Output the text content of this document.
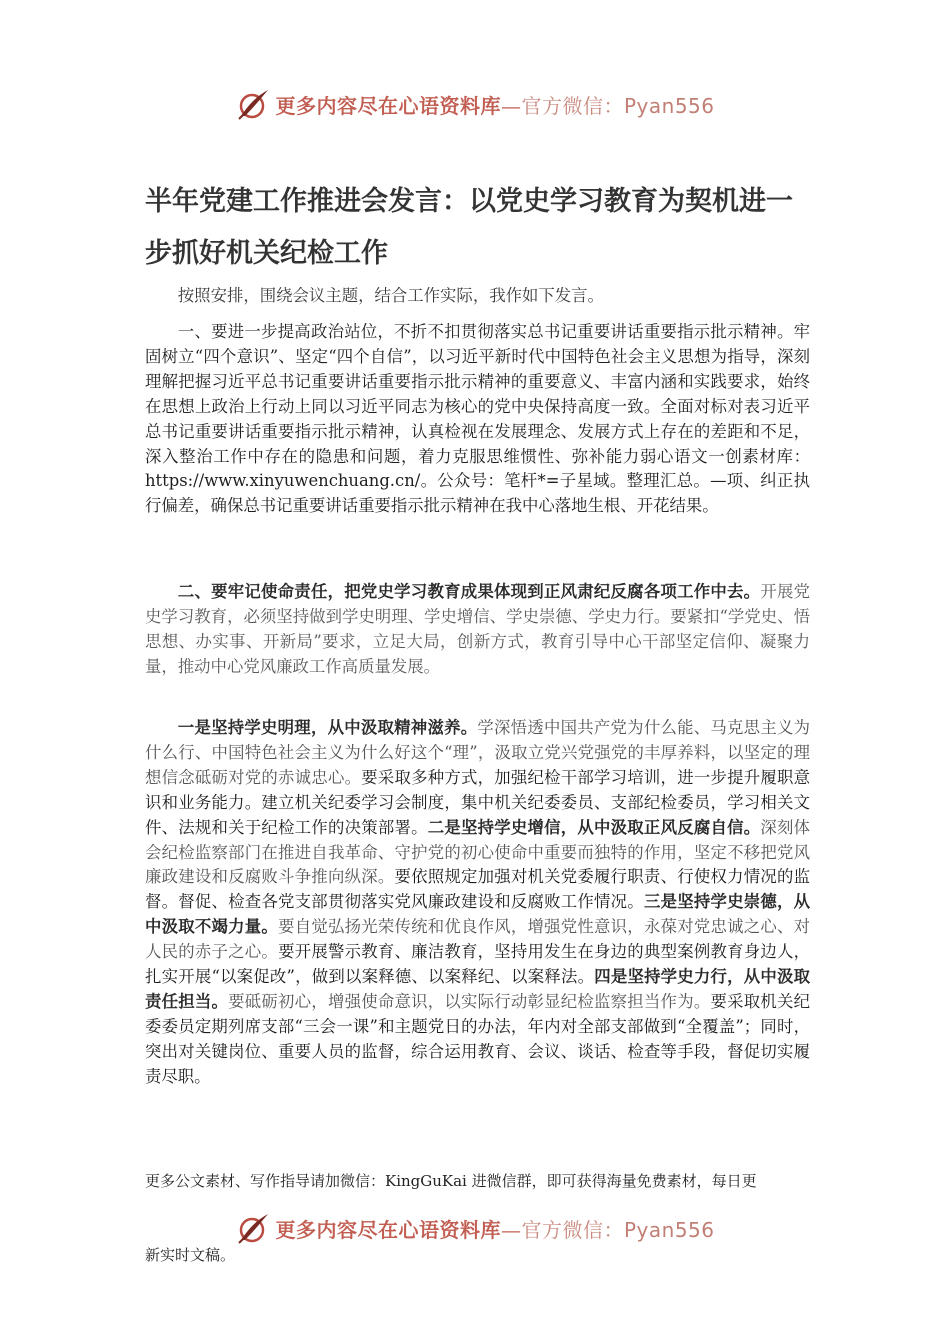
更多内容尽在心语资料库—官方微信：Pyan556
半年党建工作推进会发言：以党史学习教育为契机进一步抓好机关纪检工作

按照安排，围绕会议主题，结合工作实际，我作如下发言。

一、要进一步提高政治站位，不折不扣贯彻落实总书记重要讲话重要指示批示精神。牢固树立“四个意识”、坚定“四个自信”，以习近平新时代中国特色社会主义思想为指导，深刻理解把握习近平总书记重要讲话重要指示批示精神的重要意义、丰富内涵和实践要求，始终在思想上政治上行动上同以习近平同志为核心的党中央保持高度一致。全面对标对表习近平总书记重要讲话重要指示批示精神，认真检视在发展理念、发展方式上存在的差距和不足，深入整治工作中存在的隐患和问题，着力克服思维惯性、弥补能力弱心语文一创素材库：https://www.xinyuwenchuang.cn/。公众号：笔杆*=子星域。整理汇总。—项、纠正执行偏差，确保总书记重要讲话重要指示批示精神在我中心落地生根、开花结果。

二、要牢记使命责任，把党史学习教育成果体现到正风肃纪反腐各项工作中去。开展党史学习教育，必须坚持做到学史明理、学史增信、学史崇德、学史力行。要紧扣“学党史、悟思想、办实事、开新局”要求，立足大局，创新方式，教育引导中心干部坚定信仰、凝聚力量，推动中心党风廉政工作高质量发展。

一是坚持学史明理，从中汲取精神滋养。学深悟透中国共产党为什么能、马克思主义为什么行、中国特色社会主义为什么好这个“理”，汲取立党兴党强党的丰厚养料，以坚定的理想信念砥砺对党的赤诚忠心。要采取多种方式，加强纪检干部学习培训，进一步提升履职意识和业务能力。建立机关纪委学习会制度，集中机关纪委委员、支部纪检委员，学习相关文件、法规和关于纪检工作的决策部署。二是坚持学史增信，从中汲取正风反腐自信。深刻体会纪检监察部门在推进自我革命、守护党的初心使命中重要而独特的作用，坚定不移把党风廉政建设和反腐败斗争推向纵深。要依照规定加强对机关党委履行职责、行使权力情况的监督。督促、检查各党支部贯彻落实党风廉政建设和反腐败工作情况。三是坚持学史崇德，从中汲取不竭力量。要自觉弘扬光荣传统和优良作风，增强党性意识，永葆对党忠诚之心、对人民的赤子之心。要开展警示教育、廉洁教育，坚持用发生在身边的典型案例教育身边人，扎实开展“以案促改”，做到以案释德、以案释纪、以案释法。四是坚持学史力行，从中汲取责任担当。要砥砺初心，增强使命意识，以实际行动彰显纪检监察担当作为。要采取机关纪委委员定期列席支部“三会一课”和主题党日的办法，年内对全部支部做到“全覆盖”；同时，突出对关键岗位、重要人员的监督，综合运用教育、会议、谈话、检查等手段，督促切实履责尽职。

更多公文素材、写作指导请加微信：KingGuKai 进微信群，即可获得海量免费素材，每日更

更多内容尽在心语资料库—官方微信：Pyan556

新实时文稿。
